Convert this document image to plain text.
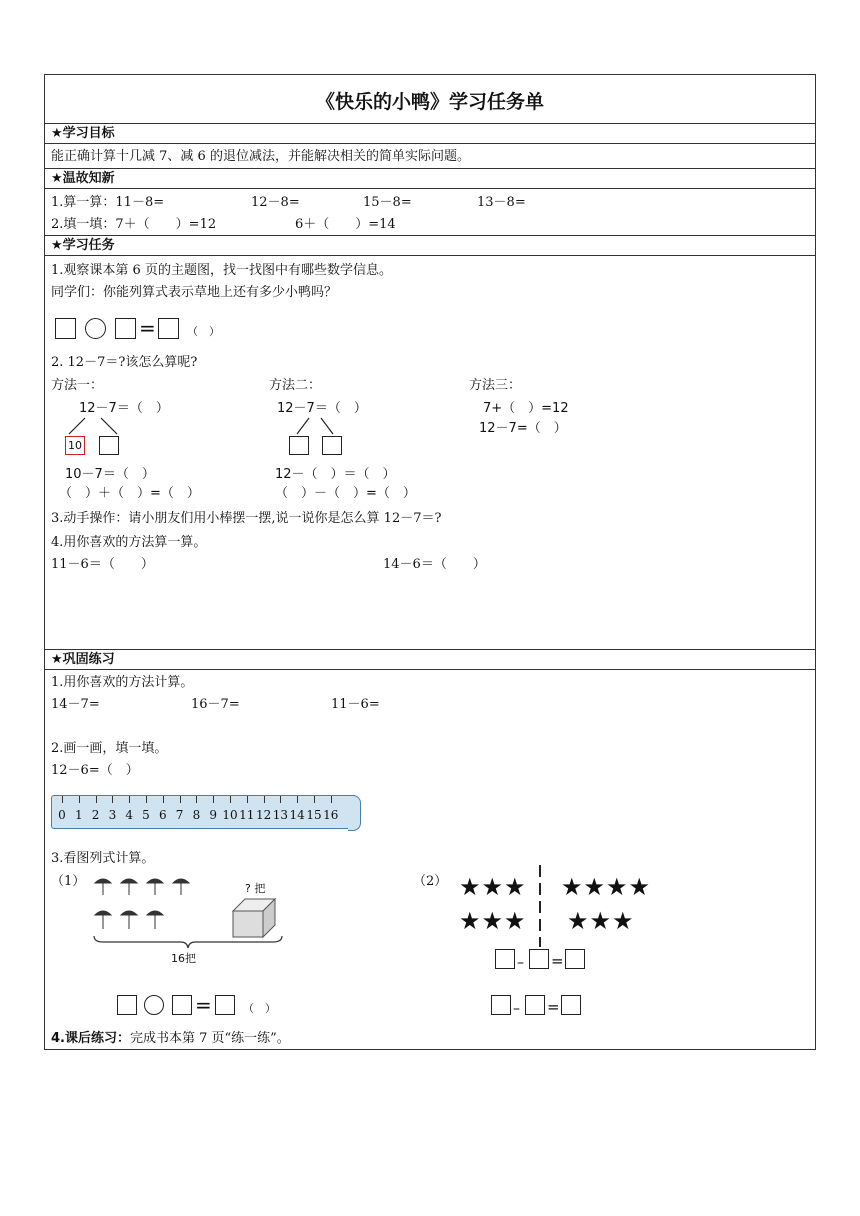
《快乐的小鸭》学习任务单
★学习目标
能正确计算十几减 7、减 6 的退位减法，并能解决相关的简单实际问题。
★温故知新
1.算一算：11－8=	12－8=	15－8=	13－8=
2.填一填：7＋（　　）=12	6＋（　　）=14
★学习任务
1.观察课本第 6 页的主题图，找一找图中有哪些数学信息。
同学们：你能列算式表示草地上还有多少小鸭吗？
=	（　）
2. 12－7＝?该怎么算呢?
方法一：	方法二：	方法三：
12－7＝（　）
10
10－7＝（　）
（　）＋（　）=（　）
12－7＝（　）
12－（　）＝（　）
（　）－（　）=（　）
7+（　）=12
12－7=（　）
3.动手操作：请小朋友们用小棒摆一摆,说一说你是怎么算 12－7＝?
4.用你喜欢的方法算一算。
11－6＝（　　）	14－6＝（　　）
★巩固练习
1.用你喜欢的方法计算。
14－7=	16－7=	11－6=
2.画一画，填一填。
12－6=（　）
0 1 2 3 4 5 6 7 8 9 10 11 12 13 14 15 16
3.看图列式计算。
（1）	? 把
16把
=	（　）
（2） ★★★ ★★★★
★★★ ★★★
– =
– =
4.课后练习：完成书本第 7 页“练一练”。
